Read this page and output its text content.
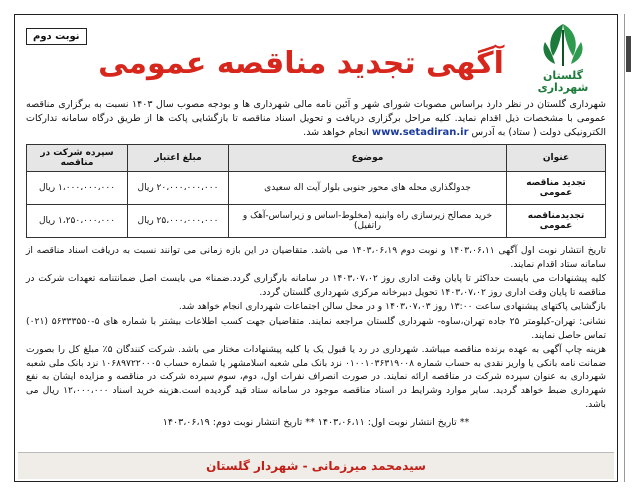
گلستان
شهرداری
آگهی تجدید مناقصه عمومی
نوبت دوم

شهرداری گلستان در نظر دارد براساس مصوبات شورای شهر و آئین نامه مالی شهرداری ها و بودجه مصوب سال ۱۴۰۳ نسبت به برگزاری مناقصه عمومی با مشخصات ذیل اقدام نماید. کلیه مراحل برگزاری دریافت و تحویل اسناد مناقصه تا بازگشایی پاکت ها از طریق درگاه سامانه تدارکات الکترونیکی دولت ( ستاد) به آدرس www.setadiran.ir انجام خواهد شد.

عنوان	موضوع	مبلغ اعتبار	سپرده شرکت در مناقصه
تجدید مناقصه عمومی	جدولگذاری محله های محور جنوبی بلوار آیت اله سعیدی	۲۰،۰۰۰،۰۰۰،۰۰۰ ریال	۱،۰۰۰،۰۰۰،۰۰۰ ریال
تجدیدمناقصه عمومی	خرید مصالح زیرسازی راه وابنیه (مخلوط-اساس و زیراساس-آهک و راتفیل)	۲۵،۰۰۰،۰۰۰،۰۰۰ ریال	۱،۲۵۰،۰۰۰،۰۰۰ ریال

تاریخ انتشار نوبت اول آگهی ۱۴۰۳،۰۶،۱۱ و نوبت دوم ۱۴۰۳،۰۶،۱۹ می باشد. متقاضیان در این بازه زمانی می توانند نسبت به دریافت اسناد مناقصه از سامانه ستاد اقدام نمایند.

کلیه پیشنهادات می بایست حداکثر تا پایان وقت اداری روز ۱۴۰۳،۰۷،۰۲ در سامانه بارگزاری گردد.ضمنا» می بایست اصل ضمانتنامه تعهدات شرکت در مناقصه تا پایان وقت اداری روز ۱۴۰۳،۰۷،۰۲ تحویل دبیرخانه مرکزی شهرداری گلستان گردد.

بازگشایی پاکتهای پیشنهادی ساعت ۱۳:۰۰ روز ۱۴۰۳،۰۷،۰۳ و در محل سالن اجتماعات شهرداری انجام خواهد شد.

نشانی: تهران-کیلومتر ۲۵ جاده تهران،ساوه- شهرداری گلستان مراجعه نمایند. متقاضیان جهت کسب اطلاعات بیشتر با شماره های ۵-۵۶۳۳۳۵۵۰ (۰۲۱) تماس حاصل نمایند.

هزینه چاپ آگهی به عهده برنده مناقصه میباشد. شهرداری در رد یا قبول یک یا کلیه پیشنهادات مختار می باشد. شرکت کنندگان ۵٪ مبلغ کل را بصورت ضمانت نامه بانکی یا واریز نقدی به حساب شماره ۰۱۰۰۱۰۳۶۳۱۹۰۰۸ نزد بانک ملی شعبه اسلامشهر یا شماره حساب ۱۰۶۸۹۷۲۲۰۰۰۵ نزد بانک ملی شعبه شهرداری به عنوان سپرده شرکت در مناقصه ارائه نمایند. در صورت انصراف نفرات اول، دوم، سوم سپرده شرکت در مناقصه و مزایده ایشان به نفع شهرداری ضبط خواهد گردید. سایر موارد وشرایط در اسناد مناقصه موجود در سامانه ستاد قید گردیده است.هزینه خرید اسناد ۱۲،۰۰۰،۰۰۰ ریال می باشد.

** تاریخ انتشار نوبت اول: ۱۴۰۳،۰۶،۱۱ ** تاریخ انتشار نوبت دوم: ۱۴۰۳،۰۶،۱۹
سیدمحمد میرزمانی - شهردار گلستان
